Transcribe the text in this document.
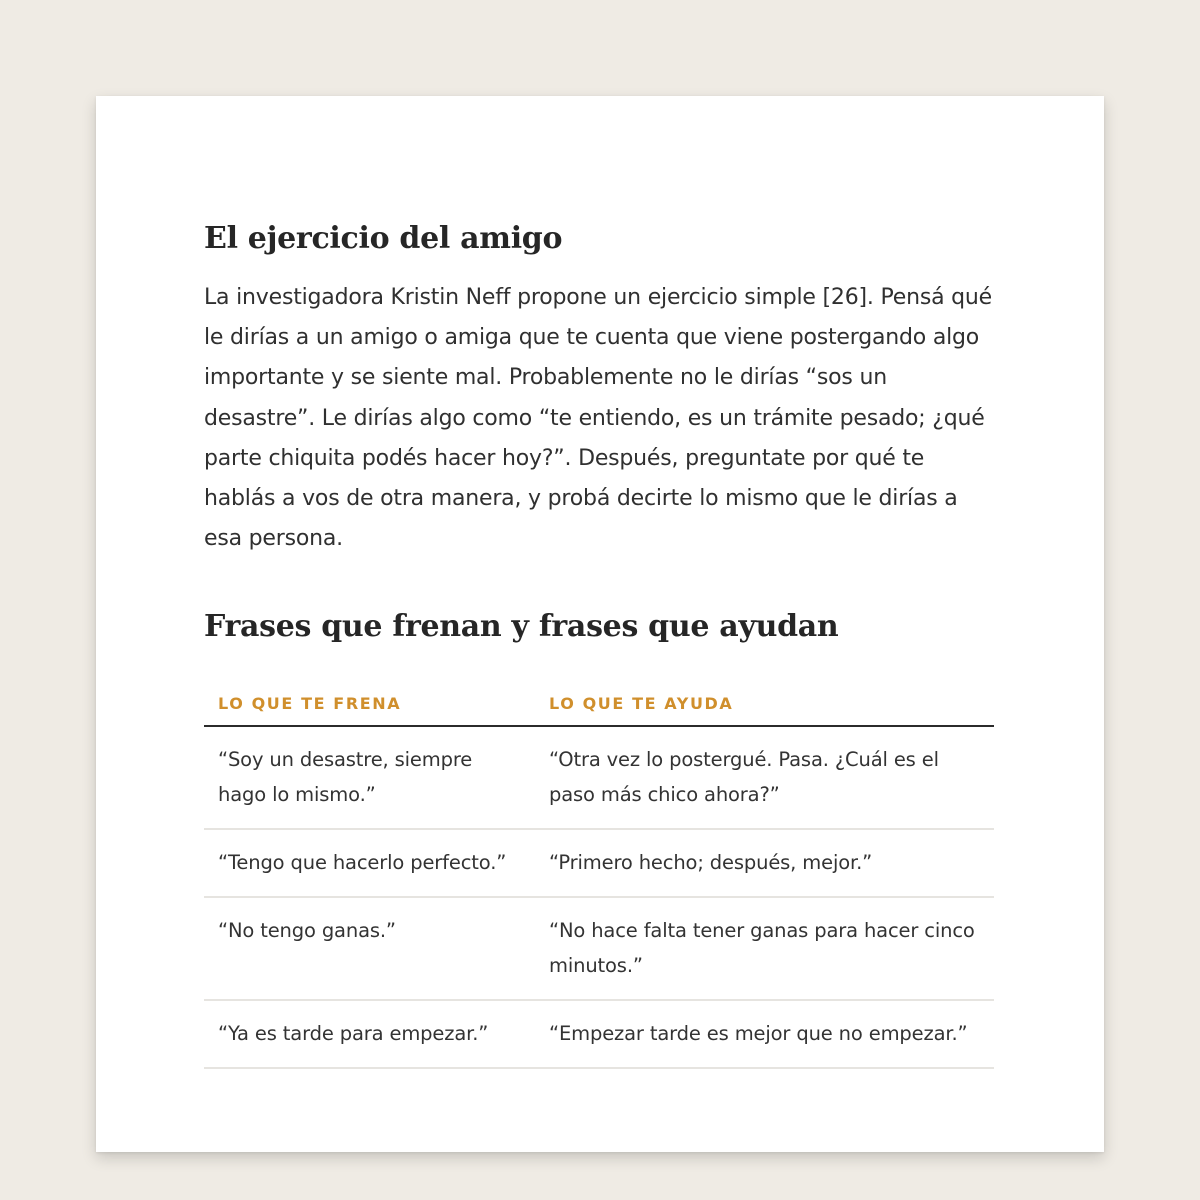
El ejercicio del amigo

La investigadora Kristin Neff propone un ejercicio simple [26]. Pensá qué le dirías a un amigo o amiga que te cuenta que viene postergando algo importante y se siente mal. Probablemente no le dirías “sos un desastre”. Le dirías algo como “te entiendo, es un trámite pesado; ¿qué parte chiquita podés hacer hoy?”. Después, preguntate por qué te hablás a vos de otra manera, y probá decirte lo mismo que le dirías a esa persona.

Frases que frenan y frases que ayudan
LO QUE TE FRENA	LO QUE TE AYUDA
“Soy un desastre, siempre hago lo mismo.”	“Otra vez lo postergué. Pasa. ¿Cuál es el paso más chico ahora?”
“Tengo que hacerlo perfecto.”	“Primero hecho; después, mejor.”
“No tengo ganas.”	“No hace falta tener ganas para hacer cinco minutos.”
“Ya es tarde para empezar.”	“Empezar tarde es mejor que no empezar.”
